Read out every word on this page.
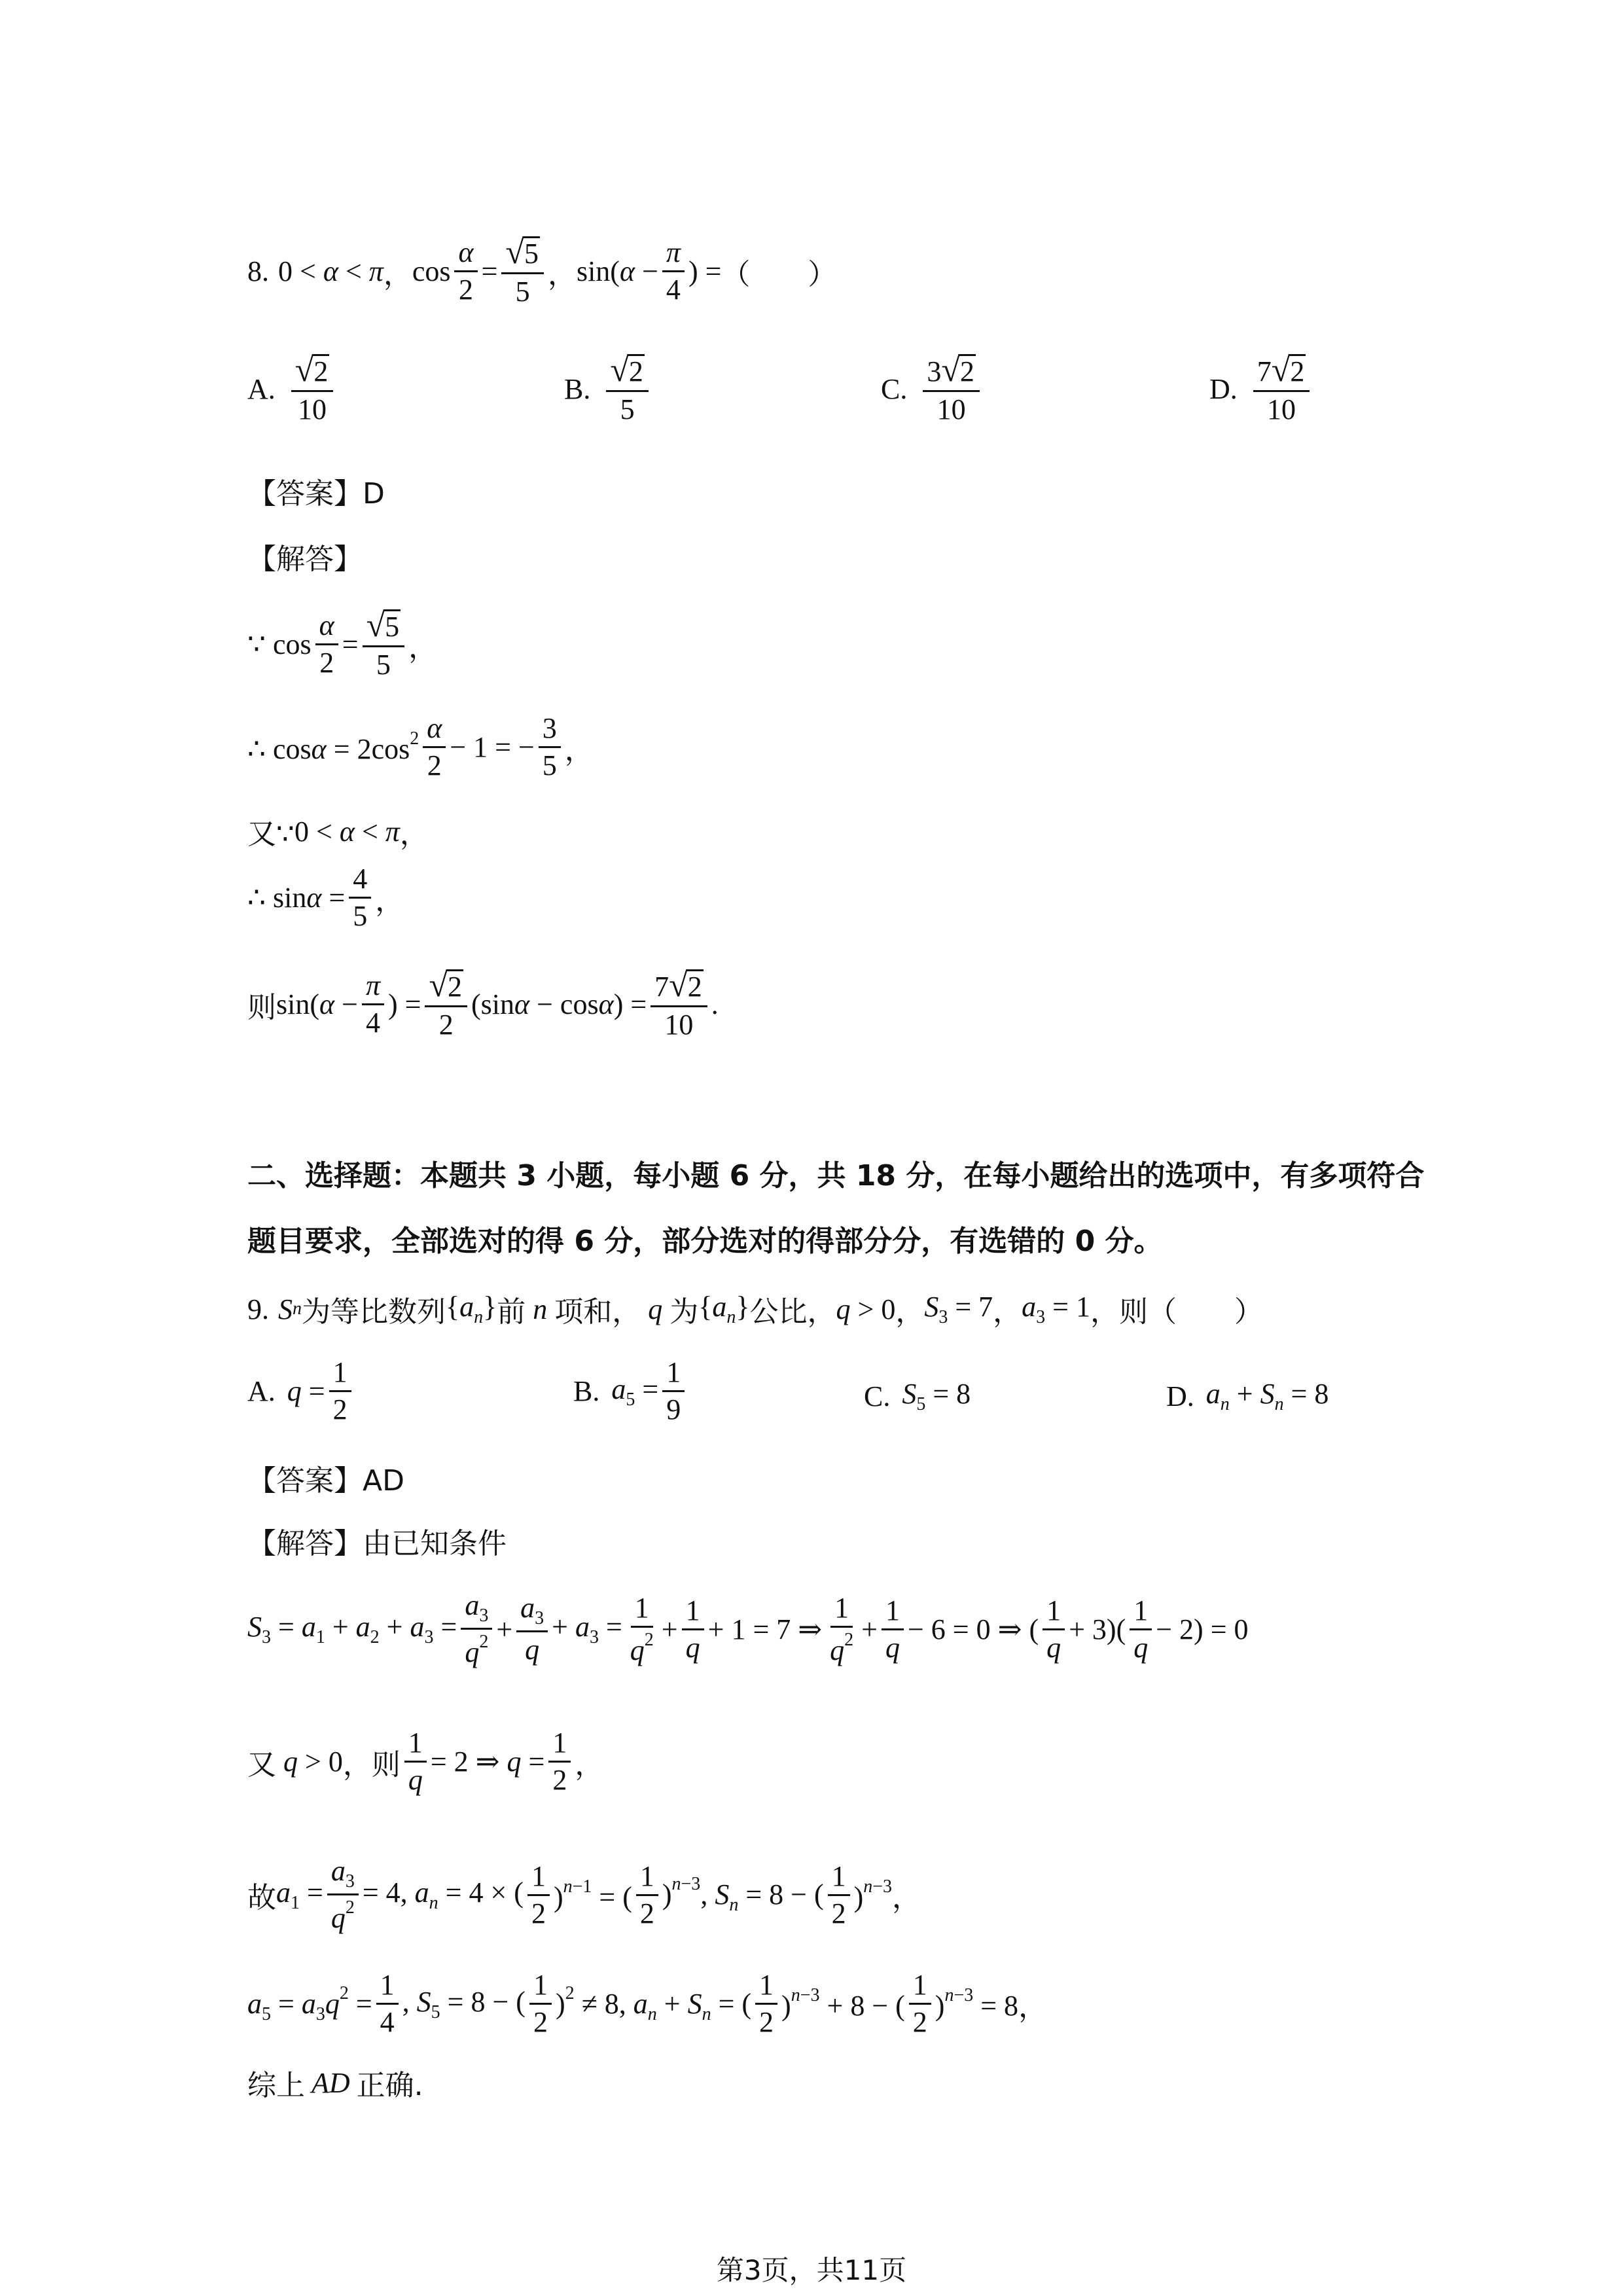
8. 0 < α < π ， $\cos \frac{\alpha}{2} = \frac{√ 5}{5}$ ， $\sin(\alpha - \frac{\pi}{4}$ ) = （　　）
A. $\frac{√ 2}{10}$	B. $\frac{√ 2}{5}$	C. $\frac{3 √ 2}{10}$	D. $\frac{7 √ 2}{10}$
【答案】D
【解答】
∵ $\cos \frac{\alpha}{2} = \frac{√ 5}{5}$ ，
∴ $\cos\alpha = 2\cos^2 \frac{\alpha}{2} - 1$ = − $\frac{3}{5}$ ，
又∵ 0 < α < π ，
∴ $\sin\alpha = \frac{4}{5}$ ，
则 $\sin(\alpha - \frac{\pi}{4}$ ) = $\frac{√ 2}{2} (\sin\alpha - \cos\alpha) = \frac{7 √ 2}{10}$ .
二、选择题：本题共 3 小题，每小题 6 分，共 18 分，在每小题给出的选项中，有多项符合
题目要求，全部选对的得 6 分，部分选对的得部分分，有选错的 0 分。
9. S n 为等比数列 $\{a_n\}$ 前 n 项和， q 为 $\{a_n\}$ 公比， q > 0 ， $S_3 = 7$ ， $a_3 = 1$ ，则（　　）
A. $q = \frac{1}{2}$	B. $a_5 = \frac{1}{9}$	C. $S_5 = 8$	D. $a_n + S_n = 8$
【答案】AD
【解答】由已知条件
$S_3 = a_1 + a_2 + a_3 = \frac{a_3}{q^2} + \frac{a_3}{q} + a_3 = \frac{1}{q^2} + \frac{1}{q} + 1 = 7$ ⇒ $\frac{1}{q^2} + \frac{1}{q} - 6 = 0$ ⇒ ( $\frac{1}{q} + 3)( \frac{1}{q} - 2) = 0$
又 q > 0 ，则 $\frac{1}{q} = 2$ ⇒ $q = \frac{1}{2}$ ，
故 $a_1 = \frac{a_3}{q^2} = 4$, $a_n = 4$ × ( $\frac{1}{2} )^{n-1}$ = ( $\frac{1}{2} )^{n-3}$, $S_n = 8$ − ( $\frac{1}{2} )^{n-3}$ ，
$a_5 = a_3q^2 = \frac{1}{4}$ , $S_5 = 8$ − ( $\frac{1}{2} )^2 \ne 8$, $a_n + S_n$ = ( $\frac{1}{2} )^{n-3} + 8$ − ( $\frac{1}{2} )^{n-3} = 8$ ，
综上 AD 正确.
第3页，共11页
